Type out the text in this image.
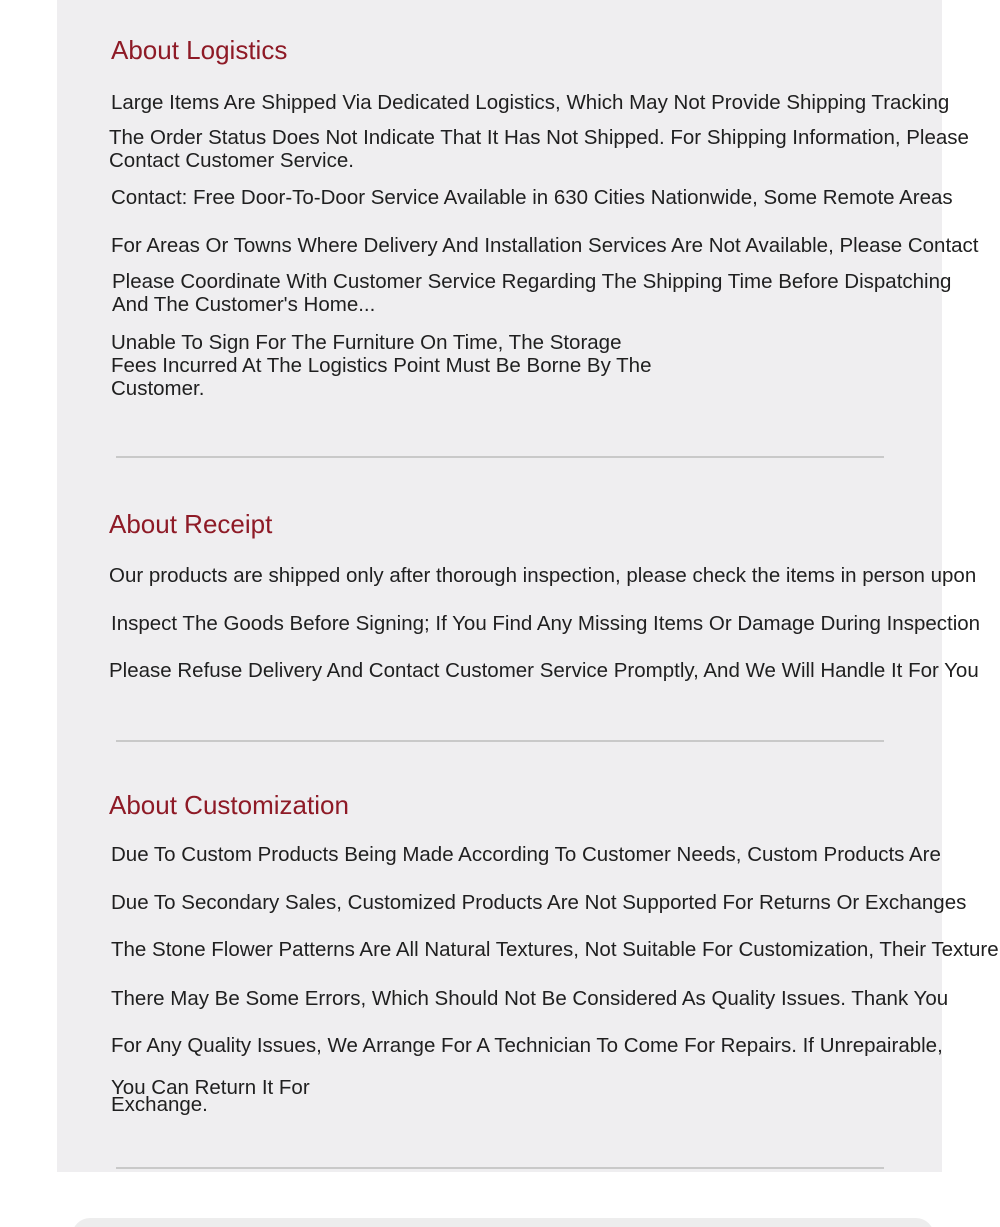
About Logistics

Large Items Are Shipped Via Dedicated Logistics, Which May Not Provide Shipping Tracking

The Order Status Does Not Indicate That It Has Not Shipped. For Shipping Information, Please

Contact Customer Service.

Contact: Free Door-To-Door Service Available in 630 Cities Nationwide, Some Remote Areas

For Areas Or Towns Where Delivery And Installation Services Are Not Available, Please Contact

Please Coordinate With Customer Service Regarding The Shipping Time Before Dispatching

And The Customer's Home...

Unable To Sign For The Furniture On Time, The Storage Fees Incurred At The Logistics Point Must Be Borne By The Customer.

About Receipt

Our products are shipped only after thorough inspection, please check the items in person upon

Inspect The Goods Before Signing; If You Find Any Missing Items Or Damage During Inspection

Please Refuse Delivery And Contact Customer Service Promptly, And We Will Handle It For You

About Customization

Due To Custom Products Being Made According To Customer Needs, Custom Products Are

Due To Secondary Sales, Customized Products Are Not Supported For Returns Or Exchanges

The Stone Flower Patterns Are All Natural Textures, Not Suitable For Customization, Their Texture

There May Be Some Errors, Which Should Not Be Considered As Quality Issues. Thank You

For Any Quality Issues, We Arrange For A Technician To Come For Repairs. If Unrepairable,

You Can Return It For

Exchange.
